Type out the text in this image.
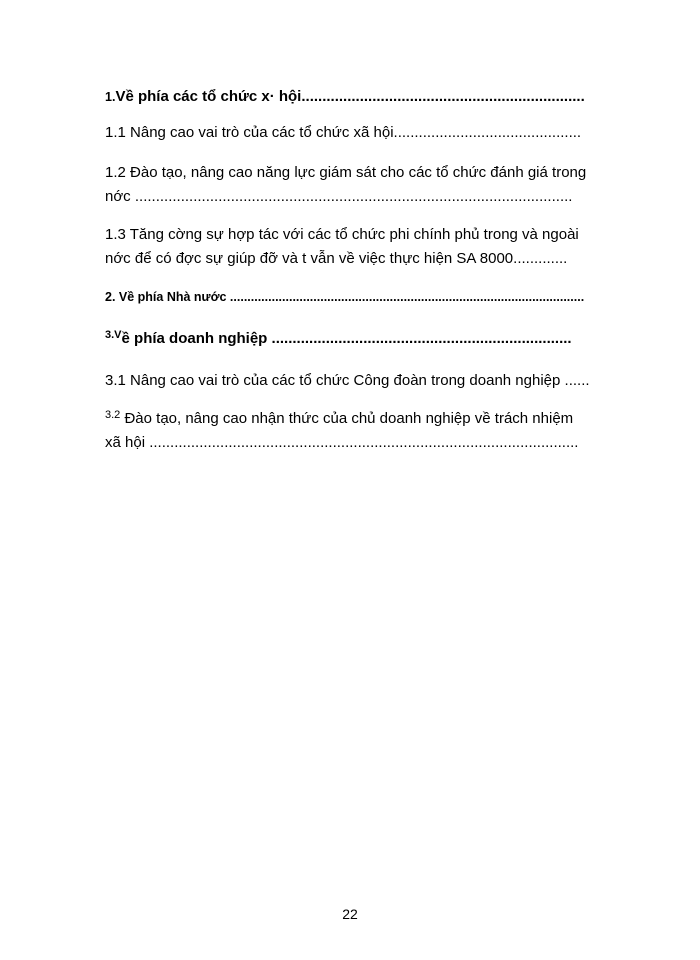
1.Về phía các tổ chức x· hội....................................................................
1.1 Nâng cao vai trò của các tổ chức xã hội.............................................
1.2 Đào tạo, nâng cao năng lực giám sát cho các tổ chức đánh giá trong
nớc .........................................................................................................
1.3 Tăng cờng sự hợp tác với các tổ chức phi chính phủ trong và ngoài
nớc để có đợc sự giúp đỡ và t vẫn về việc thực hiện SA 8000.............
2. Về phía Nhà nước ......................................................................................................
$^{3.V}$ề phía doanh nghiệp ........................................................................
3.1 Nâng cao vai trò của các tổ chức Công đoàn trong doanh nghiệp ......
$^{3.2}$ Đào tạo, nâng cao nhận thức của chủ doanh nghiệp về trách nhiệm
xã hội .......................................................................................................
22
